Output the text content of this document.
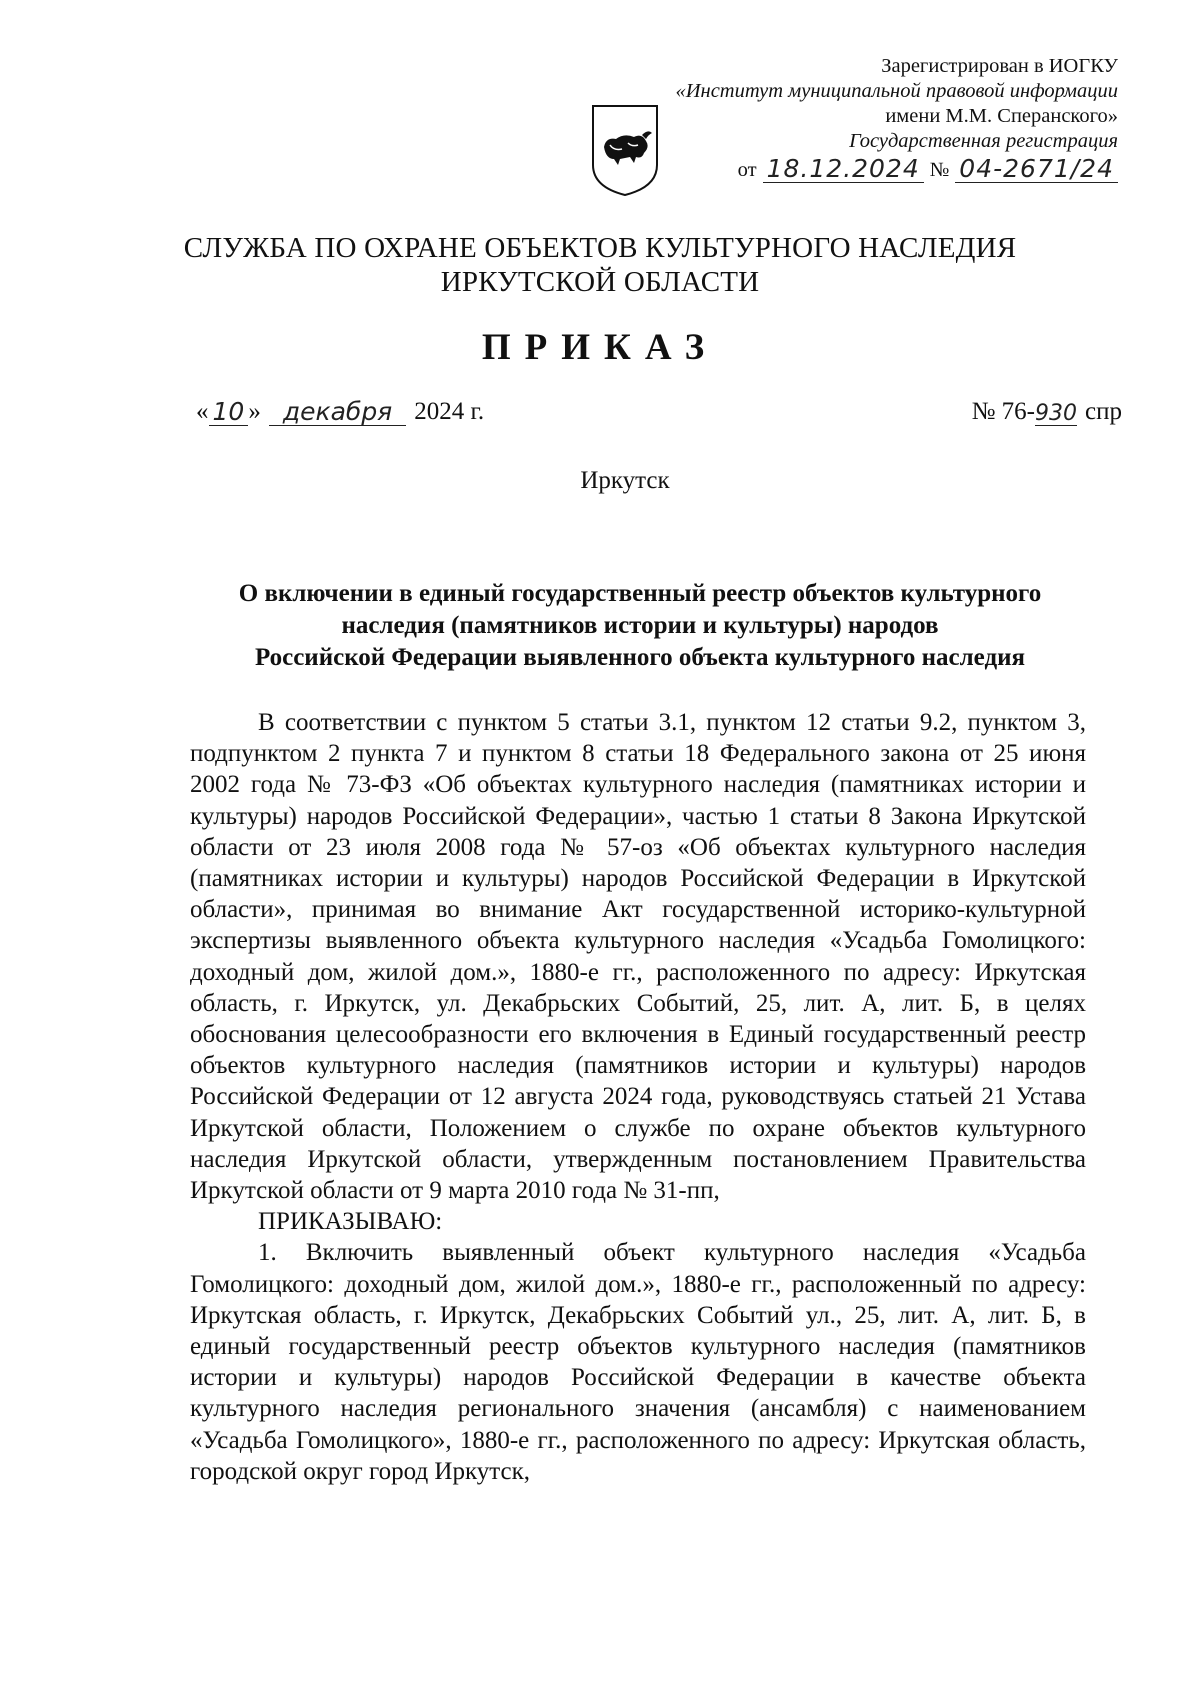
Зарегистрирован в ИОГКУ
«Институт муниципальной правовой информации
имени М.М. Сперанского»
Государственная регистрация
от 18.12.2024 № 04-2671/24
СЛУЖБА ПО ОХРАНЕ ОБЪЕКТОВ КУЛЬТУРНОГО НАСЛЕДИЯ
ИРКУТСКОЙ ОБЛАСТИ
ПРИКАЗ
« 10 » декабря 2024 г.	№ 76- 930 спр
Иркутск
О включении в единый государственный реестр объектов культурного
наследия (памятников истории и культуры) народов
Российской Федерации выявленного объекта культурного наследия

В соответствии с пунктом 5 статьи 3.1, пунктом 12 статьи 9.2, пунктом 3, подпунктом 2 пункта 7 и пунктом 8 статьи 18 Федерального закона от 25 июня 2002 года № 73-ФЗ «Об объектах культурного наследия (памятниках истории и культуры) народов Российской Федерации», частью 1 статьи 8 Закона Иркутской области от 23 июля 2008 года № 57-оз «Об объектах культурного наследия (памятниках истории и культуры) народов Российской Федерации в Иркутской области», принимая во внимание Акт государственной историко-культурной экспертизы выявленного объекта культурного наследия «Усадьба Гомолицкого: доходный дом, жилой дом.», 1880-е гг., расположенного по адресу: Иркутская область, г. Иркутск, ул. Декабрьских Событий, 25, лит. А, лит. Б, в целях обоснования целесообразности его включения в Единый государственный реестр объектов культурного наследия (памятников истории и культуры) народов Российской Федерации от 12 августа 2024 года, руководствуясь статьей 21 Устава Иркутской области, Положением о службе по охране объектов культурного наследия Иркутской области, утвержденным постановлением Правительства Иркутской области от 9 марта 2010 года № 31-пп,

ПРИКАЗЫВАЮ:

1. Включить выявленный объект культурного наследия «Усадьба Гомолицкого: доходный дом, жилой дом.», 1880-е гг., расположенный по адресу: Иркутская область, г. Иркутск, Декабрьских Событий ул., 25, лит. А, лит. Б, в единый государственный реестр объектов культурного наследия (памятников истории и культуры) народов Российской Федерации в качестве объекта культурного наследия регионального значения (ансамбля) с наименованием «Усадьба Гомолицкого», 1880-е гг., расположенного по адресу: Иркутская область, городской округ город Иркутск,
